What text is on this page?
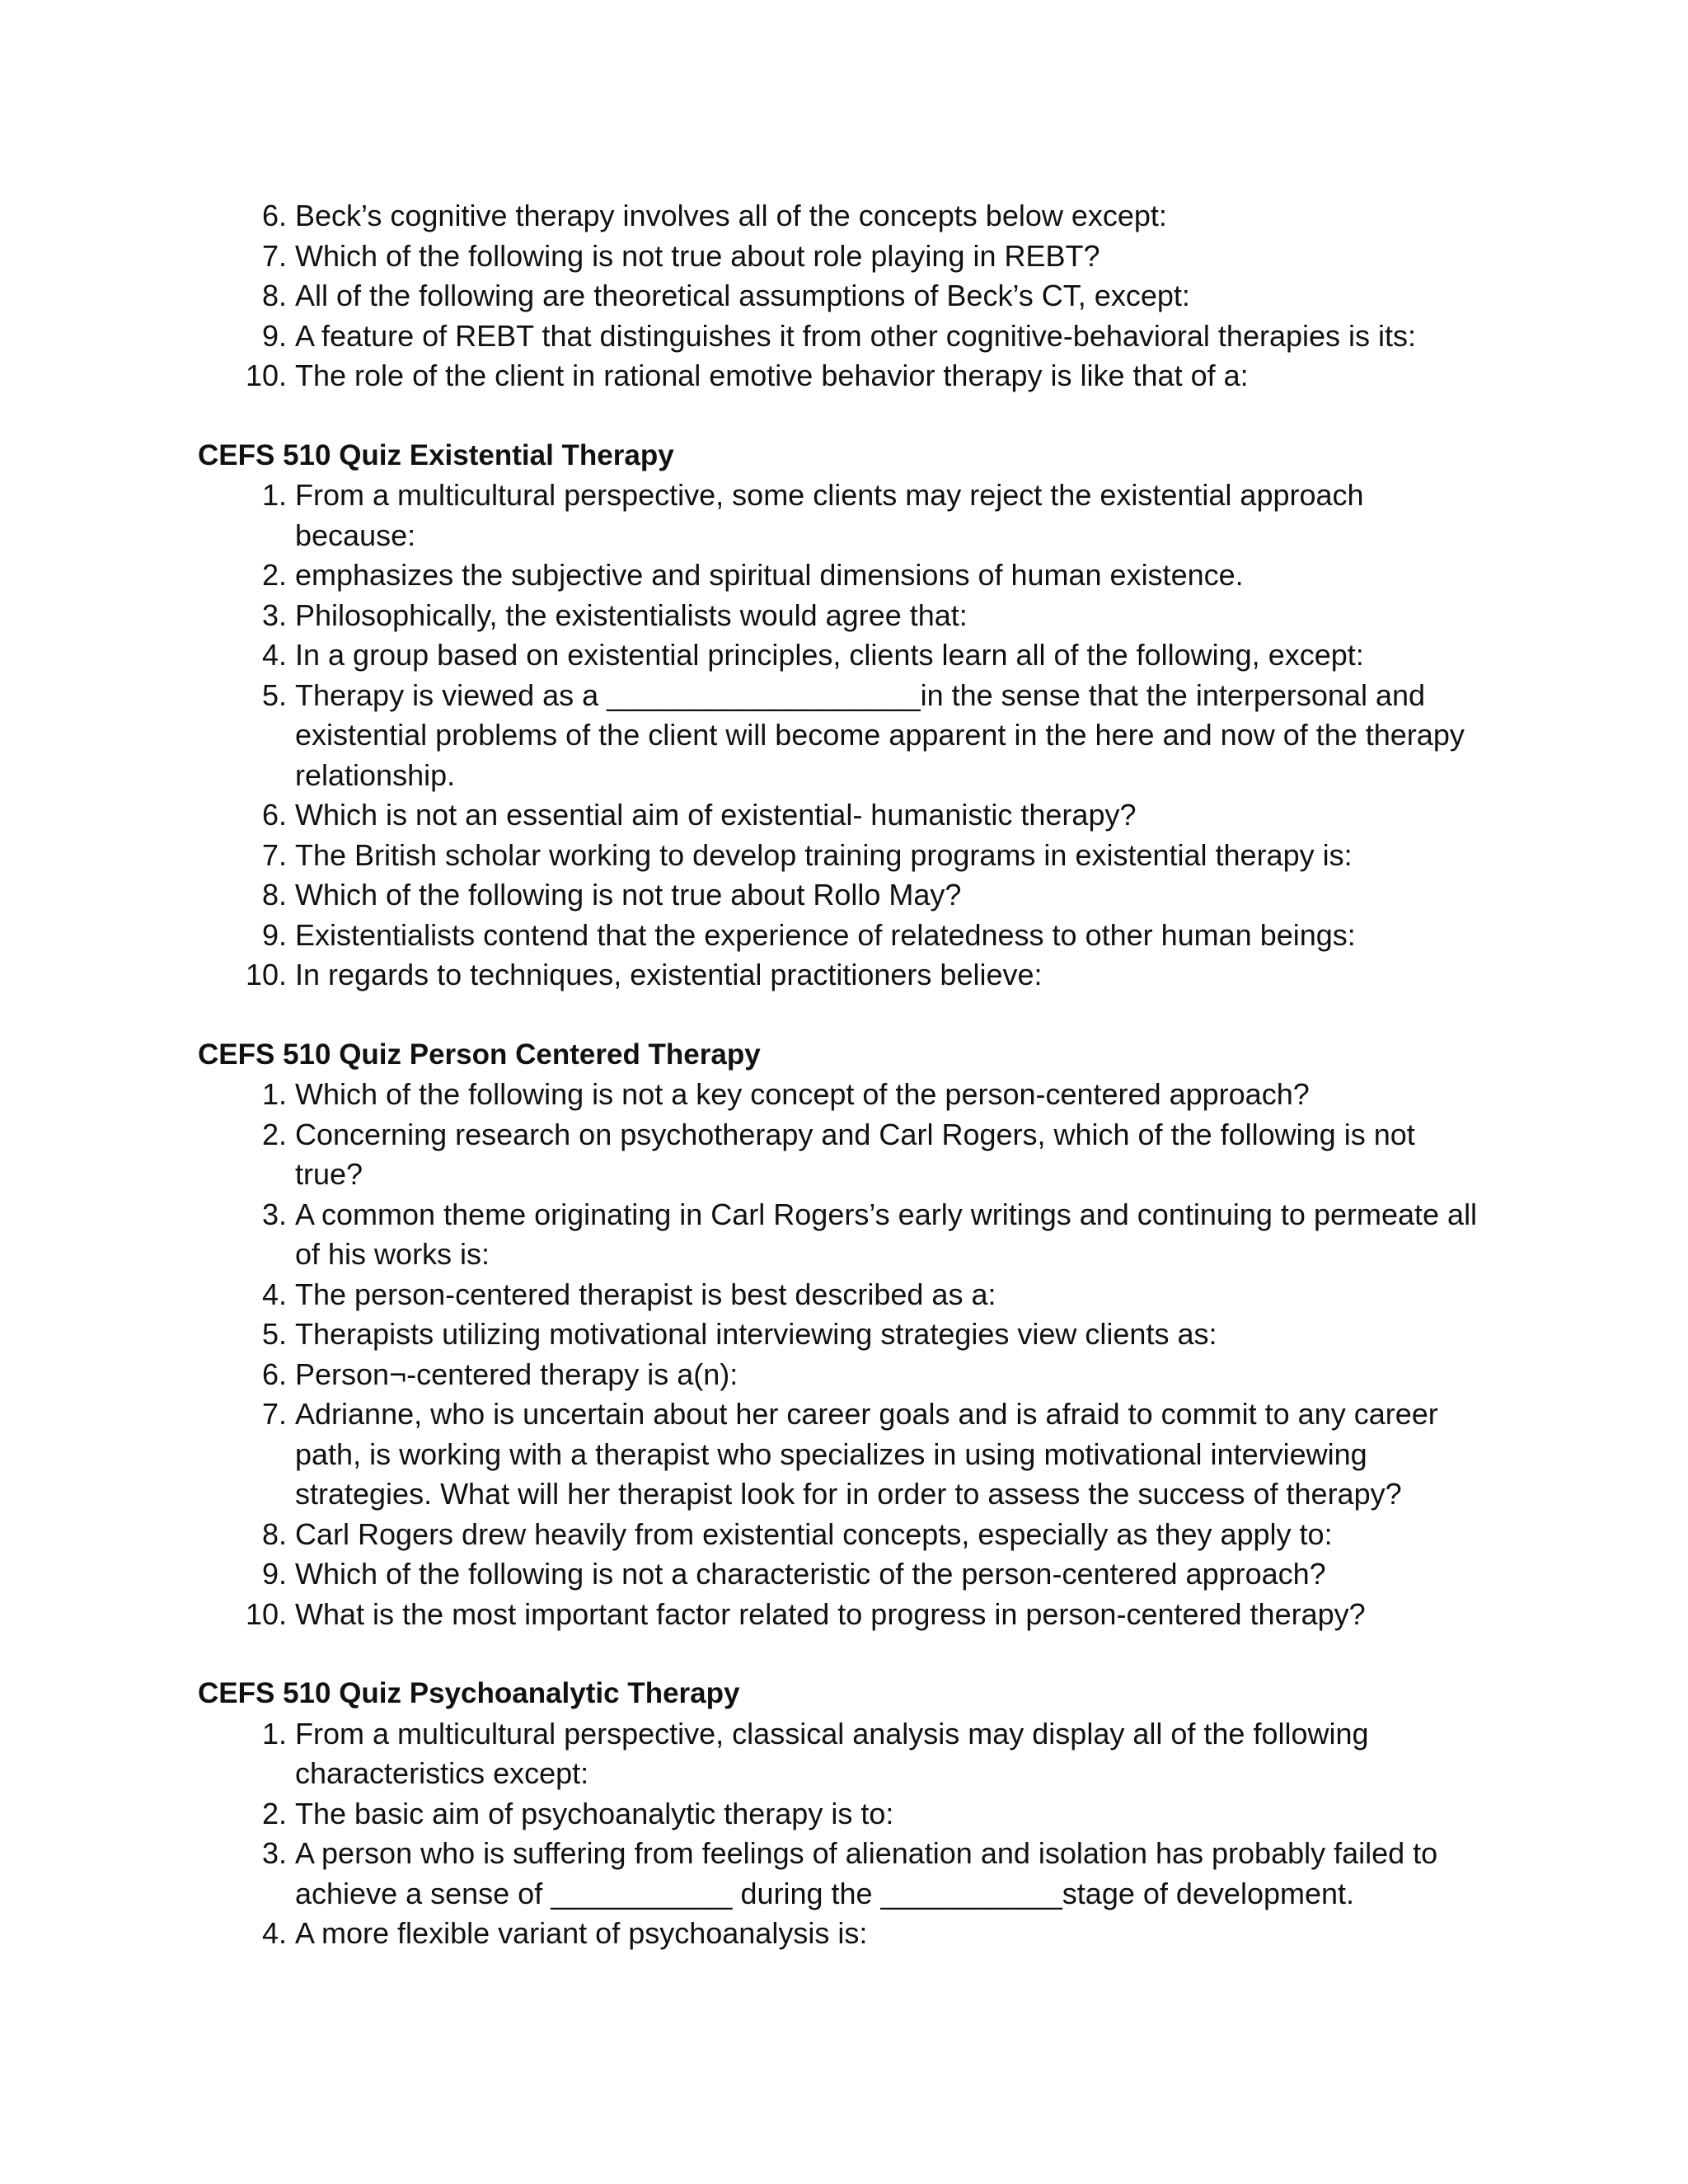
6. Beck’s cognitive therapy involves all of the concepts below except:
7. Which of the following is not true about role playing in REBT?
8. All of the following are theoretical assumptions of Beck’s CT, except:
9. A feature of REBT that distinguishes it from other cognitive-behavioral therapies is its:
10. The role of the client in rational emotive behavior therapy is like that of a:
CEFS 510 Quiz Existential Therapy
1. From a multicultural perspective, some clients may reject the existential approach because:
2. emphasizes the subjective and spiritual dimensions of human existence.
3. Philosophically, the existentialists would agree that:
4. In a group based on existential principles, clients learn all of the following, except:
5. Therapy is viewed as a ___________________in the sense that the interpersonal and existential problems of the client will become apparent in the here and now of the therapy relationship.
6. Which is not an essential aim of existential- humanistic therapy?
7. The British scholar working to develop training programs in existential therapy is:
8. Which of the following is not true about Rollo May?
9. Existentialists contend that the experience of relatedness to other human beings:
10. In regards to techniques, existential practitioners believe:
CEFS 510 Quiz Person Centered Therapy
1. Which of the following is not a key concept of the person-centered approach?
2. Concerning research on psychotherapy and Carl Rogers, which of the following is not true?
3. A common theme originating in Carl Rogers’s early writings and continuing to permeate all of his works is:
4. The person-centered therapist is best described as a:
5. Therapists utilizing motivational interviewing strategies view clients as:
6. Person¬-centered therapy is a(n):
7. Adrianne, who is uncertain about her career goals and is afraid to commit to any career path, is working with a therapist who specializes in using motivational interviewing strategies. What will her therapist look for in order to assess the success of therapy?
8. Carl Rogers drew heavily from existential concepts, especially as they apply to:
9. Which of the following is not a characteristic of the person-centered approach?
10. What is the most important factor related to progress in person-centered therapy?
CEFS 510 Quiz Psychoanalytic Therapy
1. From a multicultural perspective, classical analysis may display all of the following characteristics except:
2. The basic aim of psychoanalytic therapy is to:
3. A person who is suffering from feelings of alienation and isolation has probably failed to achieve a sense of ___________ during the ___________stage of development.
4. A more flexible variant of psychoanalysis is:
